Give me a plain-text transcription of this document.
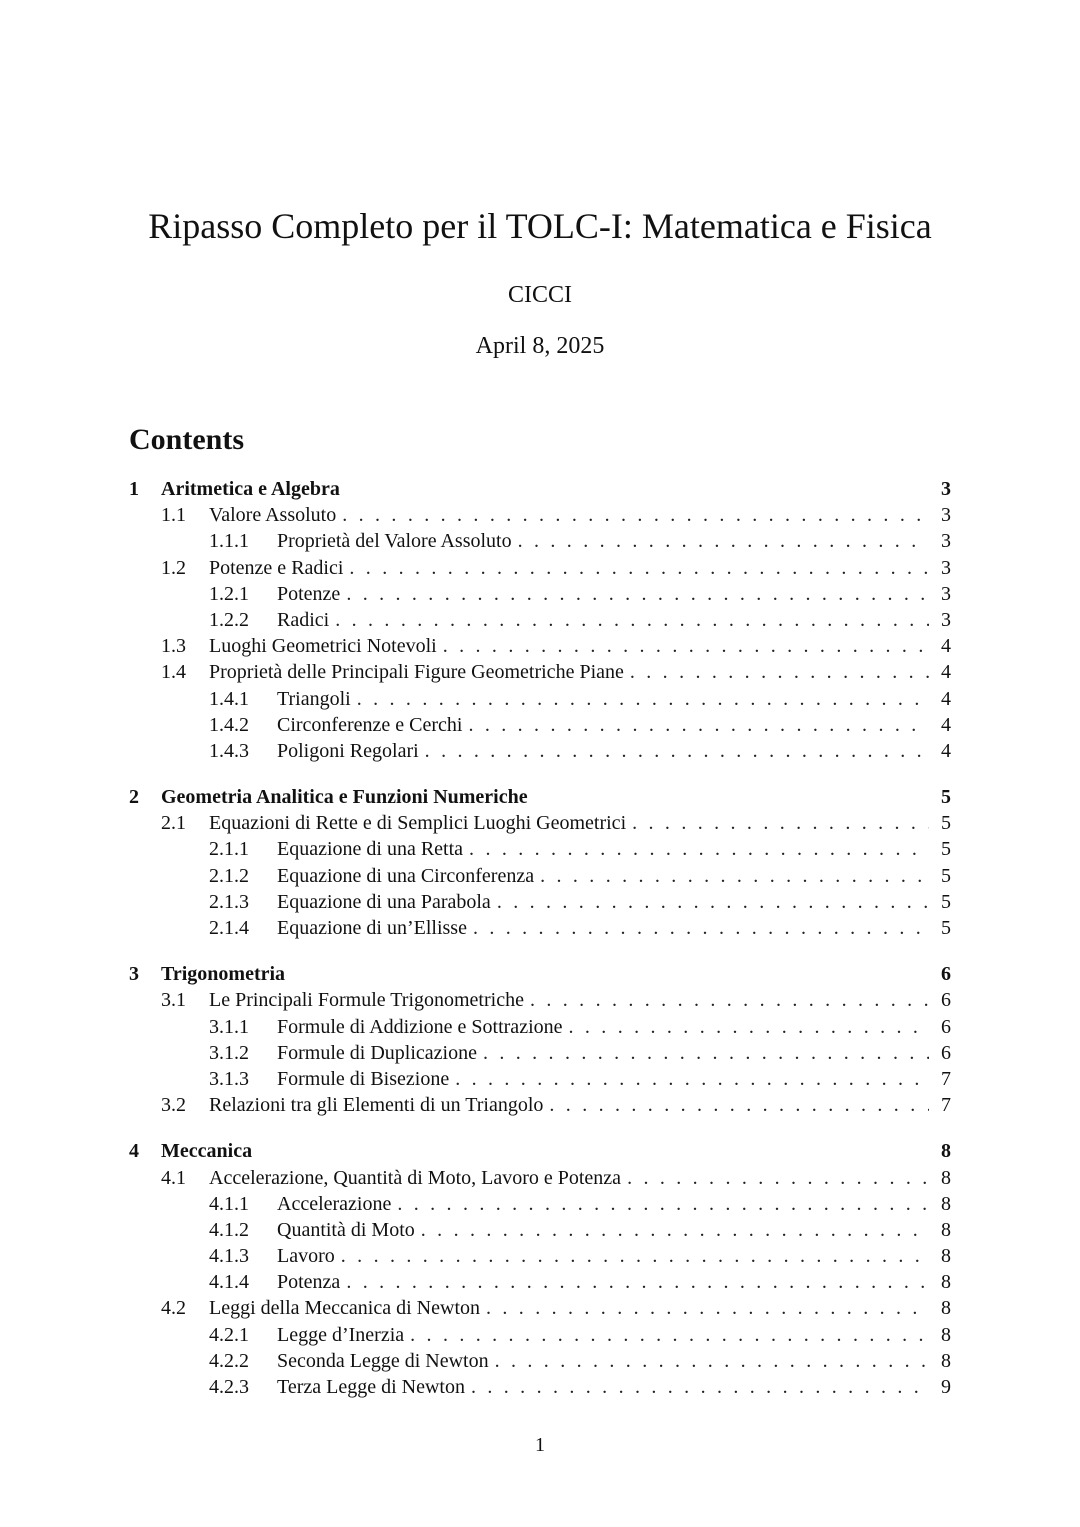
Ripasso Completo per il TOLC-I: Matematica e Fisica
CICCI
April 8, 2025
Contents
1	Aritmetica e Algebra	3
1.1	Valore Assoluto . . .	3
1.1.1	Proprietà del Valore Assoluto . . .	3
1.2	Potenze e Radici . . .	3
1.2.1	Potenze . . .	3
1.2.2	Radici . . .	3
1.3	Luoghi Geometrici Notevoli . . .	4
1.4	Proprietà delle Principali Figure Geometriche Piane . . .	4
1.4.1	Triangoli . . .	4
1.4.2	Circonferenze e Cerchi . . .	4
1.4.3	Poligoni Regolari . . .	4
2	Geometria Analitica e Funzioni Numeriche	5
2.1	Equazioni di Rette e di Semplici Luoghi Geometrici . . .	5
2.1.1	Equazione di una Retta . . .	5
2.1.2	Equazione di una Circonferenza . . .	5
2.1.3	Equazione di una Parabola . . .	5
2.1.4	Equazione di un’Ellisse . . .	5
3	Trigonometria	6
3.1	Le Principali Formule Trigonometriche . . .	6
3.1.1	Formule di Addizione e Sottrazione . . .	6
3.1.2	Formule di Duplicazione . . .	6
3.1.3	Formule di Bisezione . . .	7
3.2	Relazioni tra gli Elementi di un Triangolo . . .	7
4	Meccanica	8
4.1	Accelerazione, Quantità di Moto, Lavoro e Potenza . . .	8
4.1.1	Accelerazione . . .	8
4.1.2	Quantità di Moto . . .	8
4.1.3	Lavoro . . .	8
4.1.4	Potenza . . .	8
4.2	Leggi della Meccanica di Newton . . .	8
4.2.1	Legge d’Inerzia . . .	8
4.2.2	Seconda Legge di Newton . . .	8
4.2.3	Terza Legge di Newton . . .	9
1
